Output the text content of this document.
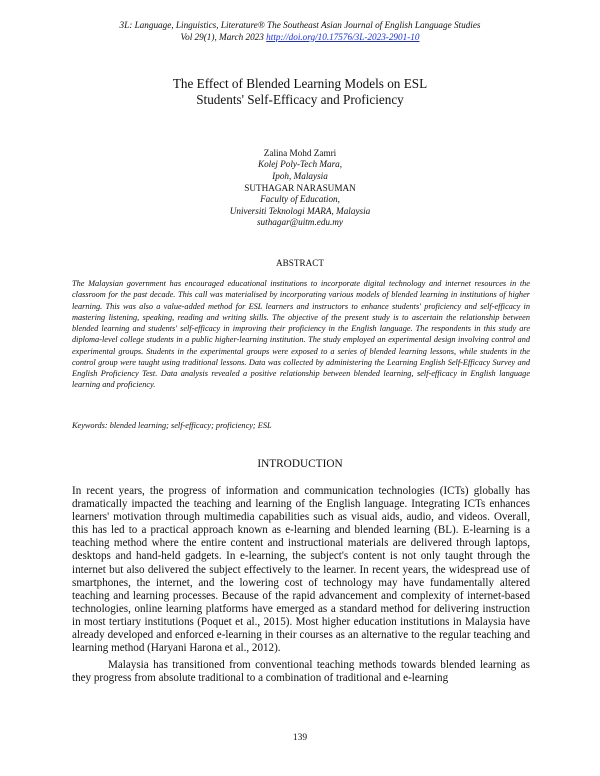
3L: Language, Linguistics, Literature® The Southeast Asian Journal of English Language Studies
Vol 29(1), March 2023 http://doi.org/10.17576/3L-2023-2901-10
The Effect of Blended Learning Models on ESL
Students' Self-Efficacy and Proficiency
Zalina Mohd Zamri
Kolej Poly-Tech Mara,
Ipoh, Malaysia
SUTHAGAR NARASUMAN
Faculty of Education,
Universiti Teknologi MARA, Malaysia
suthagar@uitm.edu.my
ABSTRACT
The Malaysian government has encouraged educational institutions to incorporate digital technology and internet resources in the classroom for the past decade. This call was materialised by incorporating various models of blended learning in institutions of higher learning. This was also a value-added method for ESL learners and instructors to enhance students' proficiency and self-efficacy in mastering listening, speaking, reading and writing skills. The objective of the present study is to ascertain the relationship between blended learning and students' self-efficacy in improving their proficiency in the English language. The respondents in this study are diploma-level college students in a public higher-learning institution. The study employed an experimental design involving control and experimental groups. Students in the experimental groups were exposed to a series of blended learning lessons, while students in the control group were taught using traditional lessons. Data was collected by administering the Learning English Self-Efficacy Survey and English Proficiency Test. Data analysis revealed a positive relationship between blended learning, self-efficacy in English language learning and proficiency.
Keywords: blended learning; self-efficacy; proficiency; ESL
INTRODUCTION

In recent years, the progress of information and communication technologies (ICTs) globally has dramatically impacted the teaching and learning of the English language. Integrating ICTs enhances learners' motivation through multimedia capabilities such as visual aids, audio, and videos. Overall, this has led to a practical approach known as e-learning and blended learning (BL). E-learning is a teaching method where the entire content and instructional materials are delivered through laptops, desktops and hand-held gadgets. In e-learning, the subject's content is not only taught through the internet but also delivered the subject effectively to the learner. In recent years, the widespread use of smartphones, the internet, and the lowering cost of technology may have fundamentally altered teaching and learning processes. Because of the rapid advancement and complexity of internet-based technologies, online learning platforms have emerged as a standard method for delivering instruction in most tertiary institutions (Poquet et al., 2015). Most higher education institutions in Malaysia have already developed and enforced e-learning in their courses as an alternative to the regular teaching and learning method (Haryani Harona et al., 2012).

Malaysia has transitioned from conventional teaching methods towards blended learning as they progress from absolute traditional to a combination of traditional and e-learning

139
